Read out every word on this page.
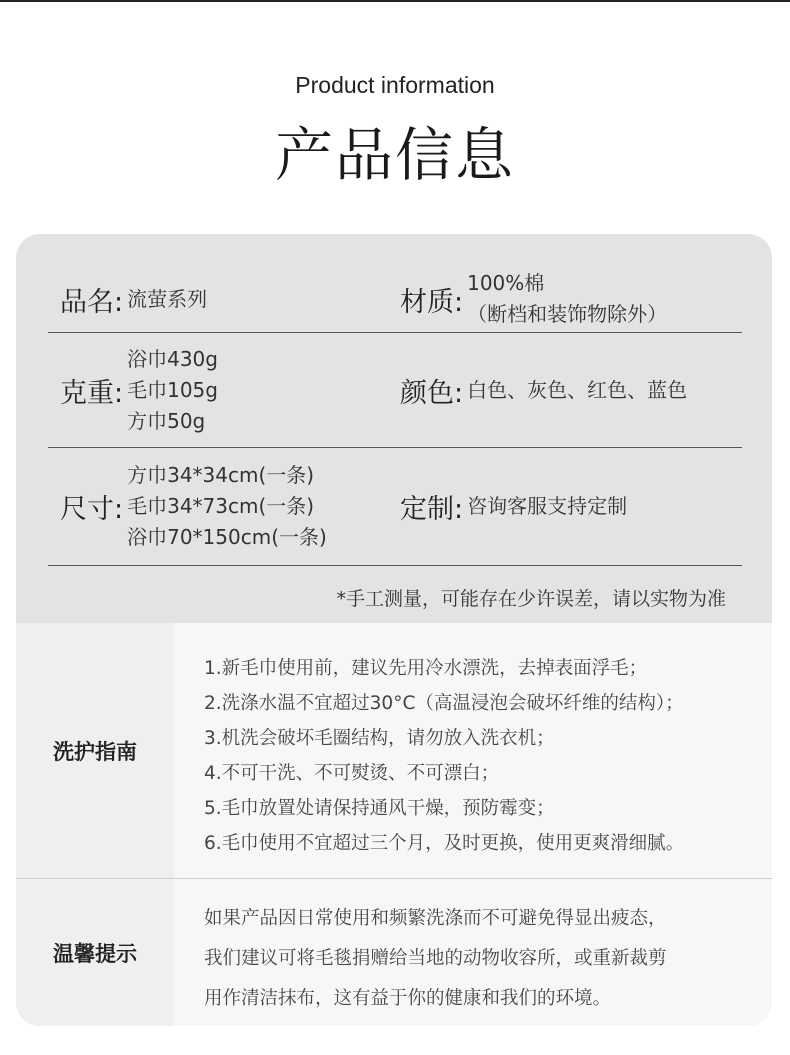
Product information
产品信息
品名: 流萤系列	材质:
100%棉
（断档和装饰物除外）
克重:
浴巾430g
毛巾105g
方巾50g
颜色: 白色、灰色、红色、蓝色
尺寸:
方巾34*34cm(一条)
毛巾34*73cm(一条)
浴巾70*150cm(一条)
定制: 咨询客服支持定制
*手工测量，可能存在少许误差，请以实物为准
洗护指南
1.新毛巾使用前，建议先用冷水漂洗，去掉表面浮毛；
2.洗涤水温不宜超过30°C（高温浸泡会破坏纤维的结构）；
3.机洗会破坏毛圈结构，请勿放入洗衣机；
4.不可干洗、不可熨烫、不可漂白；
5.毛巾放置处请保持通风干燥，预防霉变；
6.毛巾使用不宜超过三个月，及时更换，使用更爽滑细腻。
温馨提示
如果产品因日常使用和频繁洗涤而不可避免得显出疲态，
我们建议可将毛毯捐赠给当地的动物收容所，或重新裁剪
用作清洁抹布，这有益于你的健康和我们的环境。
